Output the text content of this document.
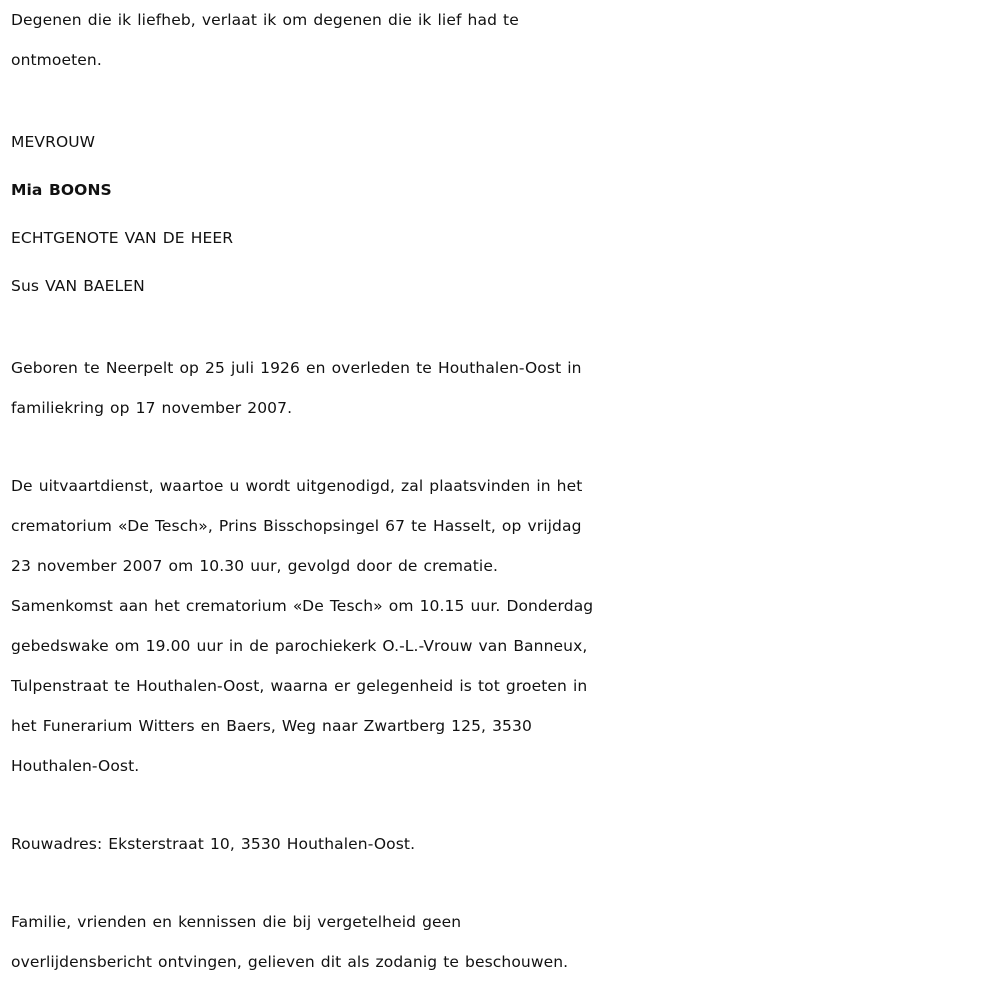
Degenen die ik liefheb, verlaat ik om degenen die ik lief had te
ontmoeten.
MEVROUW
Mia BOONS
ECHTGENOTE VAN DE HEER
Sus VAN BAELEN
Geboren te Neerpelt op 25 juli 1926 en overleden te Houthalen-Oost in
familiekring op 17 november 2007.
De uitvaartdienst, waartoe u wordt uitgenodigd, zal plaatsvinden in het
crematorium «De Tesch», Prins Bisschopsingel 67 te Hasselt, op vrijdag
23 november 2007 om 10.30 uur, gevolgd door de crematie.
Samenkomst aan het crematorium «De Tesch» om 10.15 uur. Donderdag
gebedswake om 19.00 uur in de parochiekerk O.-L.-Vrouw van Banneux,
Tulpenstraat te Houthalen-Oost, waarna er gelegenheid is tot groeten in
het Funerarium Witters en Baers, Weg naar Zwartberg 125, 3530
Houthalen-Oost.
Rouwadres: Eksterstraat 10, 3530 Houthalen-Oost.
Familie, vrienden en kennissen die bij vergetelheid geen
overlijdensbericht ontvingen, gelieven dit als zodanig te beschouwen.
